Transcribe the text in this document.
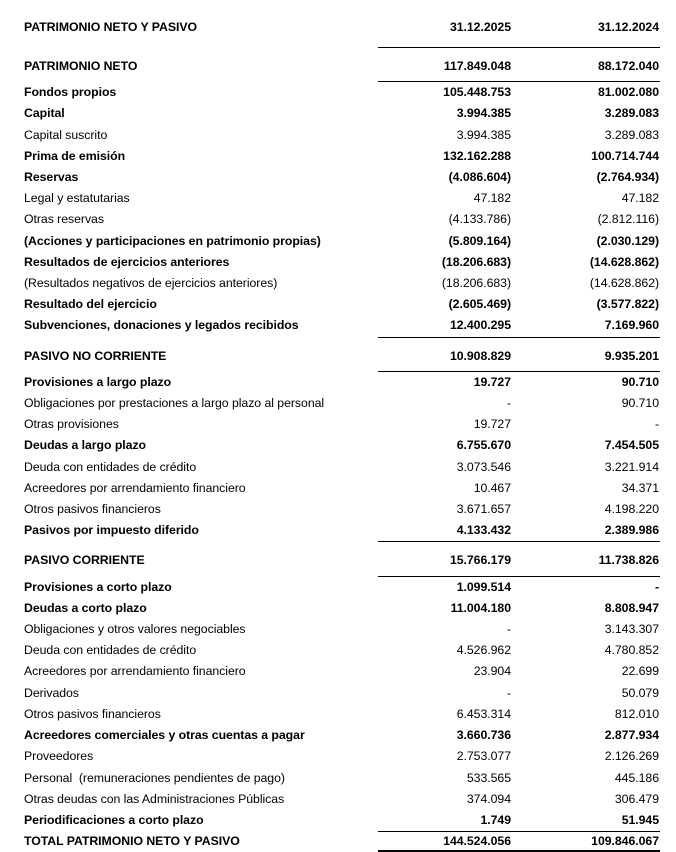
PATRIMONIO NETO Y PASIVO	31.12.2025	31.12.2024
PATRIMONIO NETO	117.849.048	88.172.040
Fondos propios	105.448.753	81.002.080
Capital	3.994.385	3.289.083
Capital suscrito	3.994.385	3.289.083
Prima de emisión	132.162.288	100.714.744
Reservas	(4.086.604)	(2.764.934)
Legal y estatutarias	47.182	47.182
Otras reservas	(4.133.786)	(2.812.116)
(Acciones y participaciones en patrimonio propias)	(5.809.164)	(2.030.129)
Resultados de ejercicios anteriores	(18.206.683)	(14.628.862)
(Resultados negativos de ejercicios anteriores)	(18.206.683)	(14.628.862)
Resultado del ejercicio	(2.605.469)	(3.577.822)
Subvenciones, donaciones y legados recibidos	12.400.295	7.169.960
PASIVO NO CORRIENTE	10.908.829	9.935.201
Provisiones a largo plazo	19.727	90.710
Obligaciones por prestaciones a largo plazo al personal	-	90.710
Otras provisiones	19.727	-
Deudas a largo plazo	6.755.670	7.454.505
Deuda con entidades de crédito	3.073.546	3.221.914
Acreedores por arrendamiento financiero	10.467	34.371
Otros pasivos financieros	3.671.657	4.198.220
Pasivos por impuesto diferido	4.133.432	2.389.986
PASIVO CORRIENTE	15.766.179	11.738.826
Provisiones a corto plazo	1.099.514	-
Deudas a corto plazo	11.004.180	8.808.947
Obligaciones y otros valores negociables	-	3.143.307
Deuda con entidades de crédito	4.526.962	4.780.852
Acreedores por arrendamiento financiero	23.904	22.699
Derivados	-	50.079
Otros pasivos financieros	6.453.314	812.010
Acreedores comerciales y otras cuentas a pagar	3.660.736	2.877.934
Proveedores	2.753.077	2.126.269
Personal  (remuneraciones pendientes de pago)	533.565	445.186
Otras deudas con las Administraciones Públicas	374.094	306.479
Periodificaciones a corto plazo	1.749	51.945
TOTAL PATRIMONIO NETO Y PASIVO	144.524.056	109.846.067
